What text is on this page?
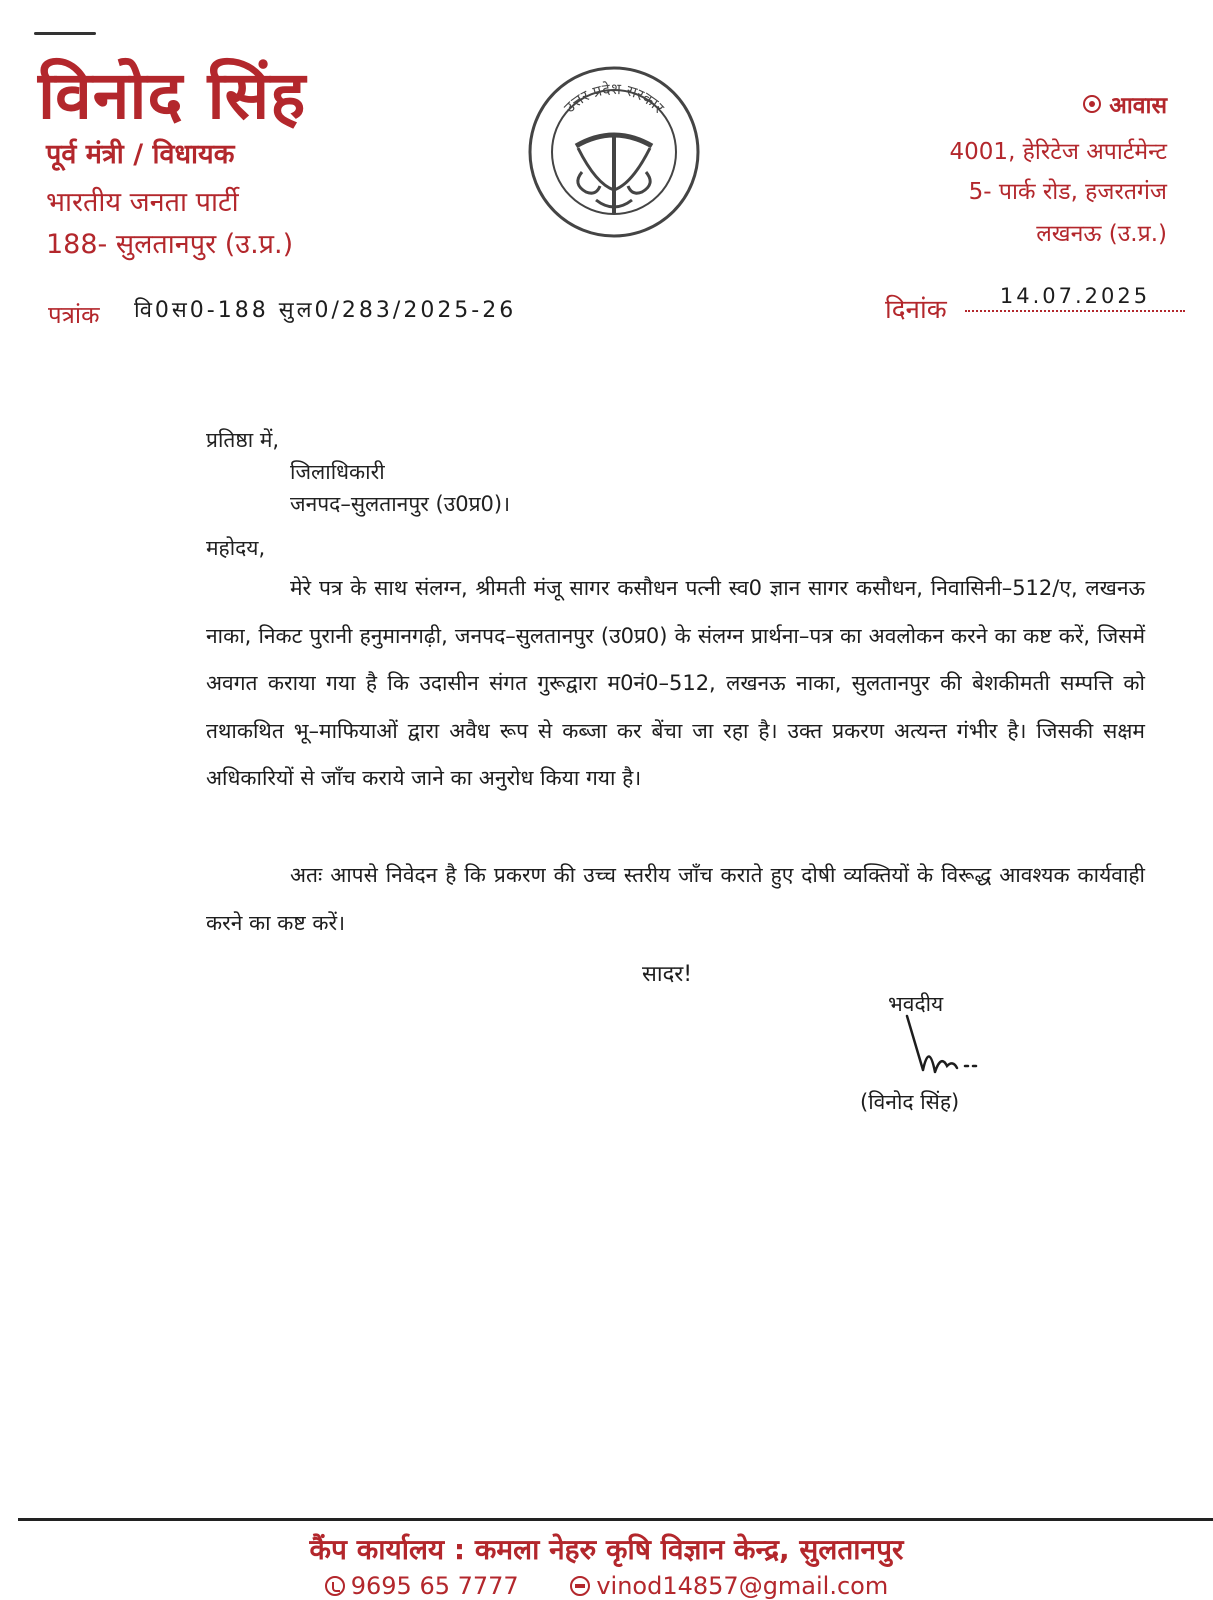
विनोद सिंह
पूर्व मंत्री / विधायक
भारतीय जनता पार्टी
188- सुलतानपुर (उ.प्र.)
उत्तर प्रदेश सरकार	आवास
4001, हेरिटेज अपार्टमेन्ट
5- पार्क रोड, हजरतगंज
लखनऊ (उ.प्र.)
पत्रांक वि0स0-188 सुल0/283/2025-26	दिनांक	14.07.2025
प्रतिष्ठा में,
जिलाधिकारी
जनपद–सुलतानपुर (उ0प्र0)।
महोदय,
मेरे पत्र के साथ संलग्न, श्रीमती मंजू सागर कसौधन पत्नी स्व0 ज्ञान सागर कसौधन, निवासिनी–512/ए, लखनऊ नाका, निकट पुरानी हनुमानगढ़ी, जनपद–सुलतानपुर (उ0प्र0) के संलग्न प्रार्थना–पत्र का अवलोकन करने का कष्ट करें, जिसमें अवगत कराया गया है कि उदासीन संगत गुरूद्वारा म0नं0–512, लखनऊ नाका, सुलतानपुर की बेशकीमती सम्पत्ति को तथाकथित भू–माफियाओं द्वारा अवैध रूप से कब्जा कर बेंचा जा रहा है। उक्त प्रकरण अत्यन्त गंभीर है। जिसकी सक्षम अधिकारियों से जाँच कराये जाने का अनुरोध किया गया है।
अतः आपसे निवेदन है कि प्रकरण की उच्च स्तरीय जाँच कराते हुए दोषी व्यक्तियों के विरूद्ध आवश्यक कार्यवाही करने का कष्ट करें।
सादर!
भवदीय
(विनोद सिंह)
कैंप कार्यालय : कमला नेहरु कृषि विज्ञान केन्द्र, सुलतानपुर
9695 65 7777	vinod14857@gmail.com
